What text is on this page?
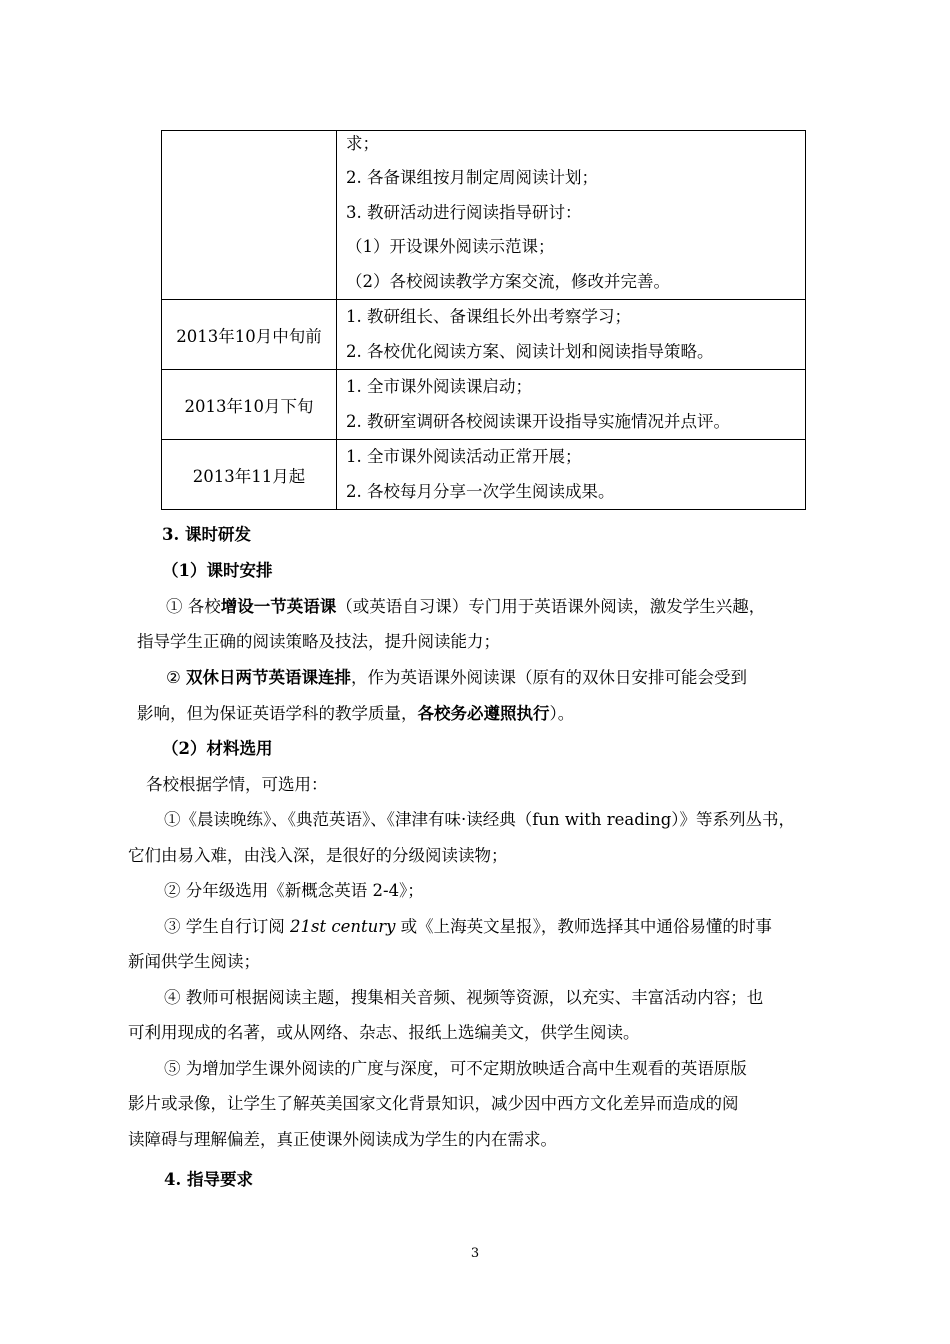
	求；
2. 各备课组按月制定周阅读计划；
3. 教研活动进行阅读指导研讨：
（1）开设课外阅读示范课；
（2）各校阅读教学方案交流，修改并完善。

2013年10月中旬前	1. 教研组长、备课组长外出考察学习；
2. 各校优化阅读方案、阅读计划和阅读指导策略。

2013年10月下旬	1. 全市课外阅读课启动；
2. 教研室调研各校阅读课开设指导实施情况并点评。

2013年11月起	1. 全市课外阅读活动正常开展；
2. 各校每月分享一次学生阅读成果。
3. 课时研发
（1）课时安排
① 各校增设一节英语课（或英语自习课）专门用于英语课外阅读，激发学生兴趣，
指导学生正确的阅读策略及技法，提升阅读能力；
② 双休日两节英语课连排，作为英语课外阅读课（原有的双休日安排可能会受到
影响，但为保证英语学科的教学质量，各校务必遵照执行）。
（2）材料选用
各校根据学情，可选用：
①《晨读晚练》、《典范英语》、《津津有味·读经典（fun with reading）》等系列丛书，
它们由易入难，由浅入深，是很好的分级阅读读物；
② 分年级选用《新概念英语 2-4》；
③ 学生自行订阅 21st century 或《上海英文星报》，教师选择其中通俗易懂的时事
新闻供学生阅读；
④ 教师可根据阅读主题，搜集相关音频、视频等资源，以充实、丰富活动内容；也
可利用现成的名著，或从网络、杂志、报纸上选编美文，供学生阅读。
⑤ 为增加学生课外阅读的广度与深度，可不定期放映适合高中生观看的英语原版
影片或录像，让学生了解英美国家文化背景知识，减少因中西方文化差异而造成的阅
读障碍与理解偏差，真正使课外阅读成为学生的内在需求。
4. 指导要求
3
